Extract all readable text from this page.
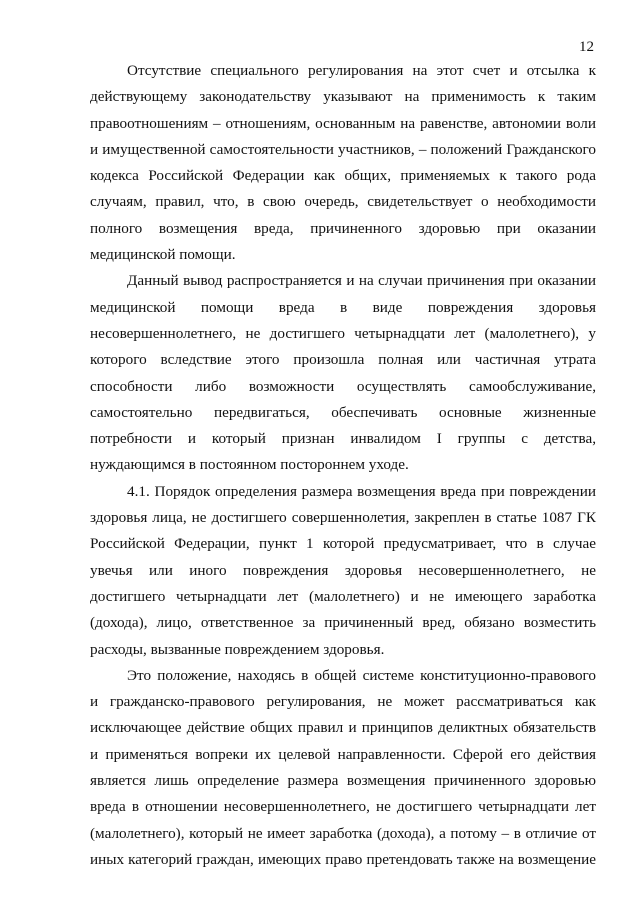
12
Отсутствие специального регулирования на этот счет и отсылка к
действующему законодательству указывают на применимость к таким
правоотношениям – отношениям, основанным на равенстве, автономии воли
и имущественной самостоятельности участников, – положений Гражданского
кодекса Российской Федерации как общих, применяемых к такого рода
случаям, правил, что, в свою очередь, свидетельствует о необходимости
полного возмещения вреда, причиненного здоровью при оказании
медицинской помощи.
Данный вывод распространяется и на случаи причинения при оказании
медицинской помощи вреда в виде повреждения здоровья
несовершеннолетнего, не достигшего четырнадцати лет (малолетнего), у
которого вследствие этого произошла полная или частичная утрата
способности либо возможности осуществлять самообслуживание,
самостоятельно передвигаться, обеспечивать основные жизненные
потребности и который признан инвалидом I группы с детства,
нуждающимся в постоянном постороннем уходе.
4.1. Порядок определения размера возмещения вреда при повреждении
здоровья лица, не достигшего совершеннолетия, закреплен в статье 1087 ГК
Российской Федерации, пункт 1 которой предусматривает, что в случае
увечья или иного повреждения здоровья несовершеннолетнего, не
достигшего четырнадцати лет (малолетнего) и не имеющего заработка
(дохода), лицо, ответственное за причиненный вред, обязано возместить
расходы, вызванные повреждением здоровья.
Это положение, находясь в общей системе конституционно-правового
и гражданско-правового регулирования, не может рассматриваться как
исключающее действие общих правил и принципов деликтных обязательств
и применяться вопреки их целевой направленности. Сферой его действия
является лишь определение размера возмещения причиненного здоровью
вреда в отношении несовершеннолетнего, не достигшего четырнадцати лет
(малолетнего), который не имеет заработка (дохода), а потому – в отличие от
иных категорий граждан, имеющих право претендовать также на возмещение
